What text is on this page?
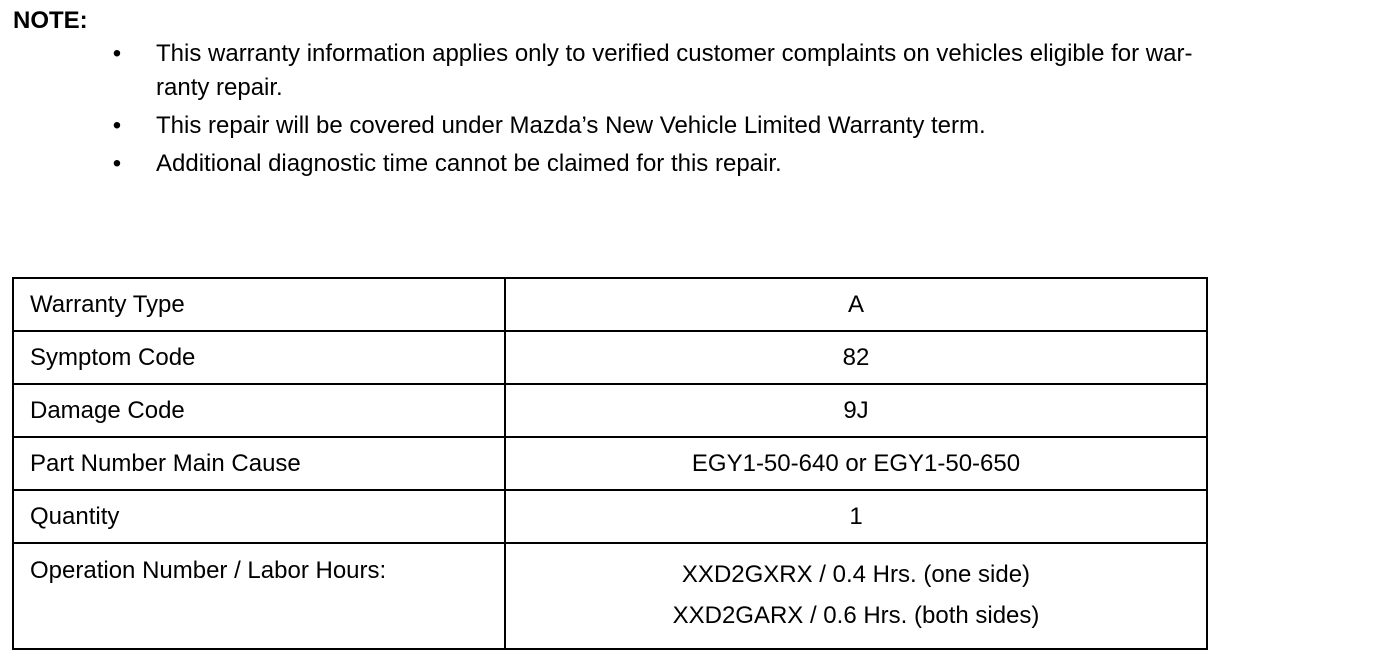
NOTE:
• This warranty information applies only to verified customer complaints on vehicles eligible for war-
ranty repair.
• This repair will be covered under Mazda’s New Vehicle Limited Warranty term.
• Additional diagnostic time cannot be claimed for this repair.
Warranty Type	A
Symptom Code	82
Damage Code	9J
Part Number Main Cause	EGY1-50-640 or EGY1-50-650
Quantity	1
Operation Number / Labor Hours:	XXD2GXRX / 0.4 Hrs. (one side)
XXD2GARX / 0.6 Hrs. (both sides)
